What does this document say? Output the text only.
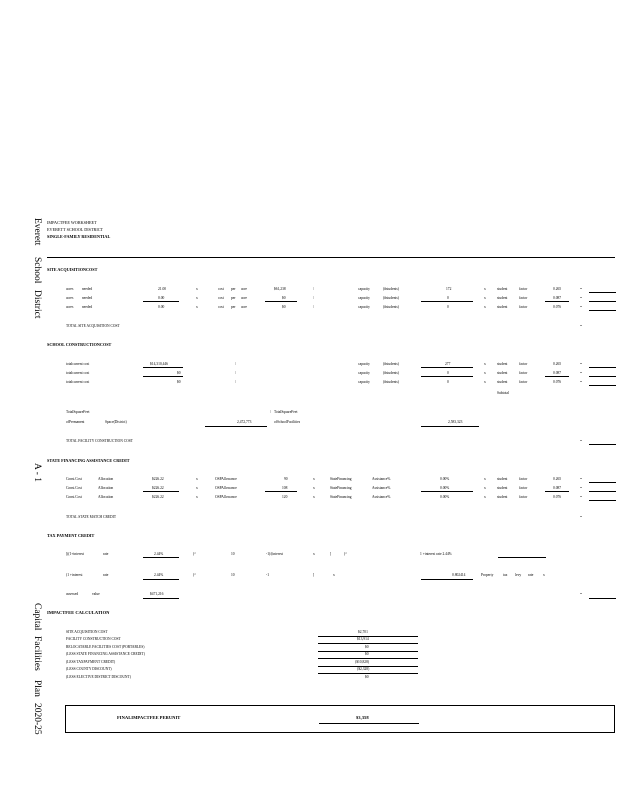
Everett
School
District
A - 1
Capital
Facilities
Plan
2020-25
IMPACTFEE WORKSHEET
EVERETT SCHOOL DISTRICT
SINGLE-FAMILY RESIDENTIAL
SITE ACQUISITIONCOST
acres needed	21.00	x	cost per acre	$61,238	/	capacity	(#students)	172	x	student	factor	0.265	=
acres needed	0.00	x	cost per acre	$0	/	capacity	(#students)	0	x	student	factor	0.087	=
acres needed	0.00	x	cost per acre	$0	/	capacity	(#students)	0	x	student	factor	0.076	=
TOTAL SITE ACQUISITION COST	=
SCHOOL CONSTRUCTIONCOST
totalcurrent cost	$14,310,446	/	capacity	(#students)	277	x	student	factor	0.265	=
totalcurrent cost	$0	/	capacity	(#students)	0	x	student	factor	0.087	=
totalcurrent cost	$0	/	capacity	(#students)	0	x	student	factor	0.076	=
Subtotal
TotalSquareFeet
ofPermanent	Space(District)	2,472,773
/ TotalSquareFeet
ofSchoolFacilities	2,583,323
TOTAL FACILITY CONSTRUCTION COST	=
STATE FINANCING ASSISTANCE CREDIT
Const.Cost	Allocation	$226.22	x	OSPAllowance	90	x	StateFinancing	Assistance%	0.00%	x	student	factor	0.265	=
Const.Cost	Allocation	$226.22	x	OSPAllowance	108	x	StateFinancing	Assistance%	0.00%	x	student	factor	0.087	=
Const.Cost	Allocation	$226.22	x	OSPAllowance	120	x	StateFinancing	Assistance%	0.00%	x	student	factor	0.076	=
TOTAL STATE MATCH CREDIT	=
TAX PAYMENT CREDIT
[((1+interest	rate	2.44%	)^	10	-1)/(interest	x	]	)^	1 +interest rate 2.44%
(1 +interest	rate	2.44%	)^	10	-1	]	x	0.802414	Property	tax levy rate	x
assessed	value	$471,216	=
IMPACTFEE CALCULATION
SITE ACQUISITION COST	$2,701
FACILITY CONSTRUCTION COST	$13,914
RELOCATABLE FACILITIES COST (PORTABLES)	$0
(LESS STATE FINANCING ASSISTANCE CREDIT)	$0
(LESS TAXPAYMENT CREDIT)	($10,828)
(LESS COUNTY DISCOUNT)	($2,328)
(LESS ELECTIVE DISTRICT DISCOUNT)	$0
FINALIMPACTFEE PERUNIT	$3,358
